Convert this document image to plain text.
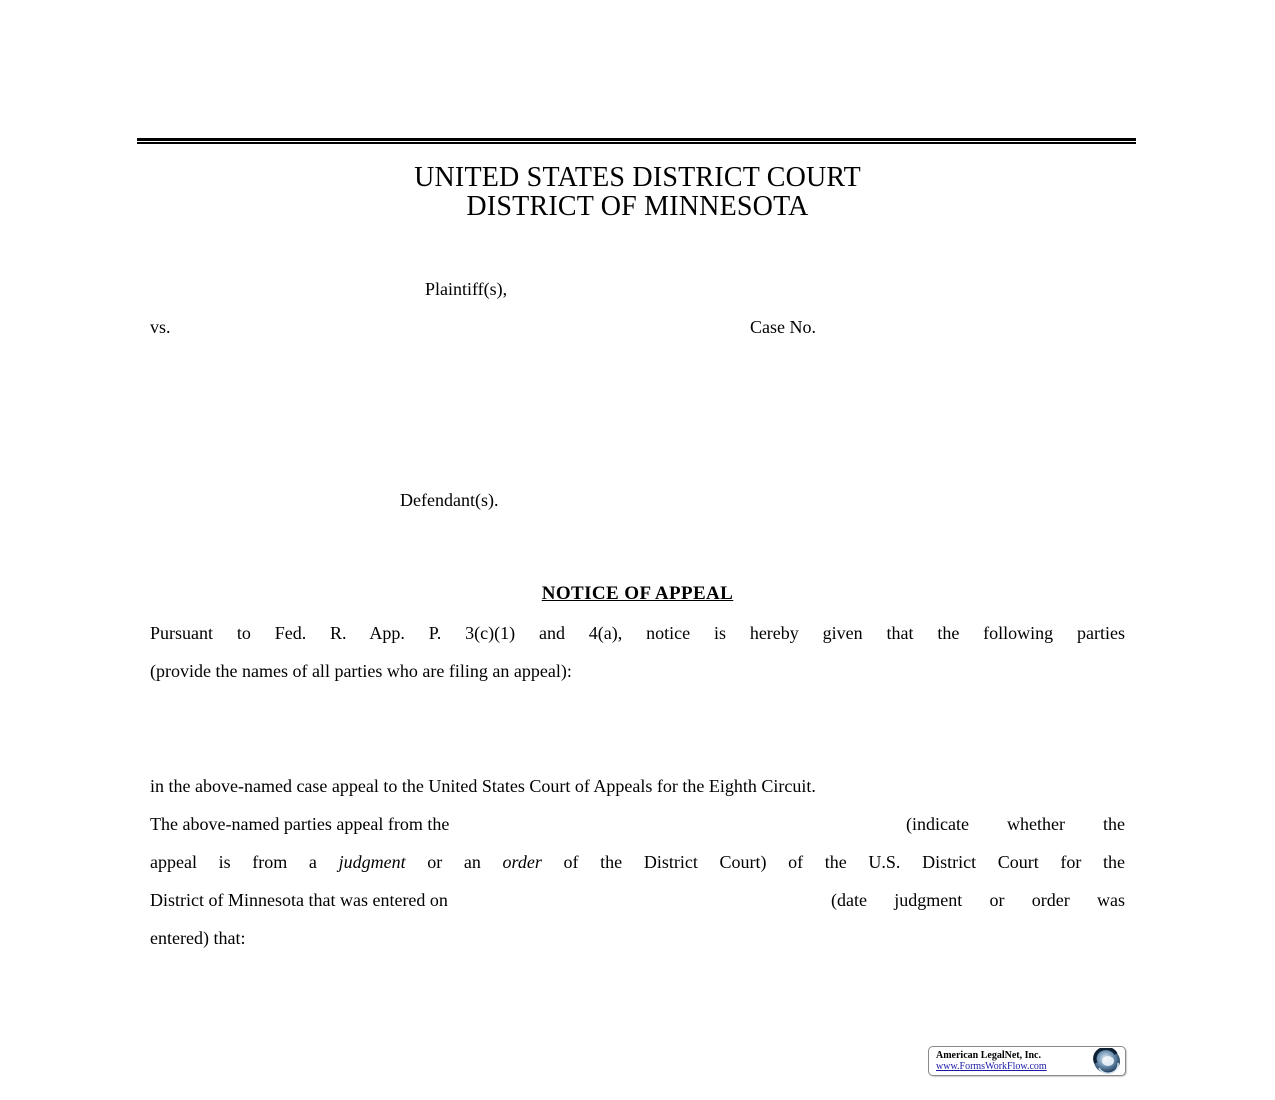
UNITED STATES DISTRICT COURT
DISTRICT OF MINNESOTA
Plaintiff(s),
vs.	Case No.
Defendant(s).
NOTICE OF APPEAL
Pursuant to Fed. R. App. P. 3(c)(1) and 4(a), notice is hereby given that the following parties
(provide the names of all parties who are filing an appeal):
in the above-named case appeal to the United States Court of Appeals for the Eighth Circuit.
The above-named parties appeal from the	(indicate whether the
appeal is from a judgment or an order of the District Court) of the U.S. District Court for the
District of Minnesota that was entered on	(date judgment or order was
entered) that:
American LegalNet, Inc.
www.FormsWorkFlow.com
